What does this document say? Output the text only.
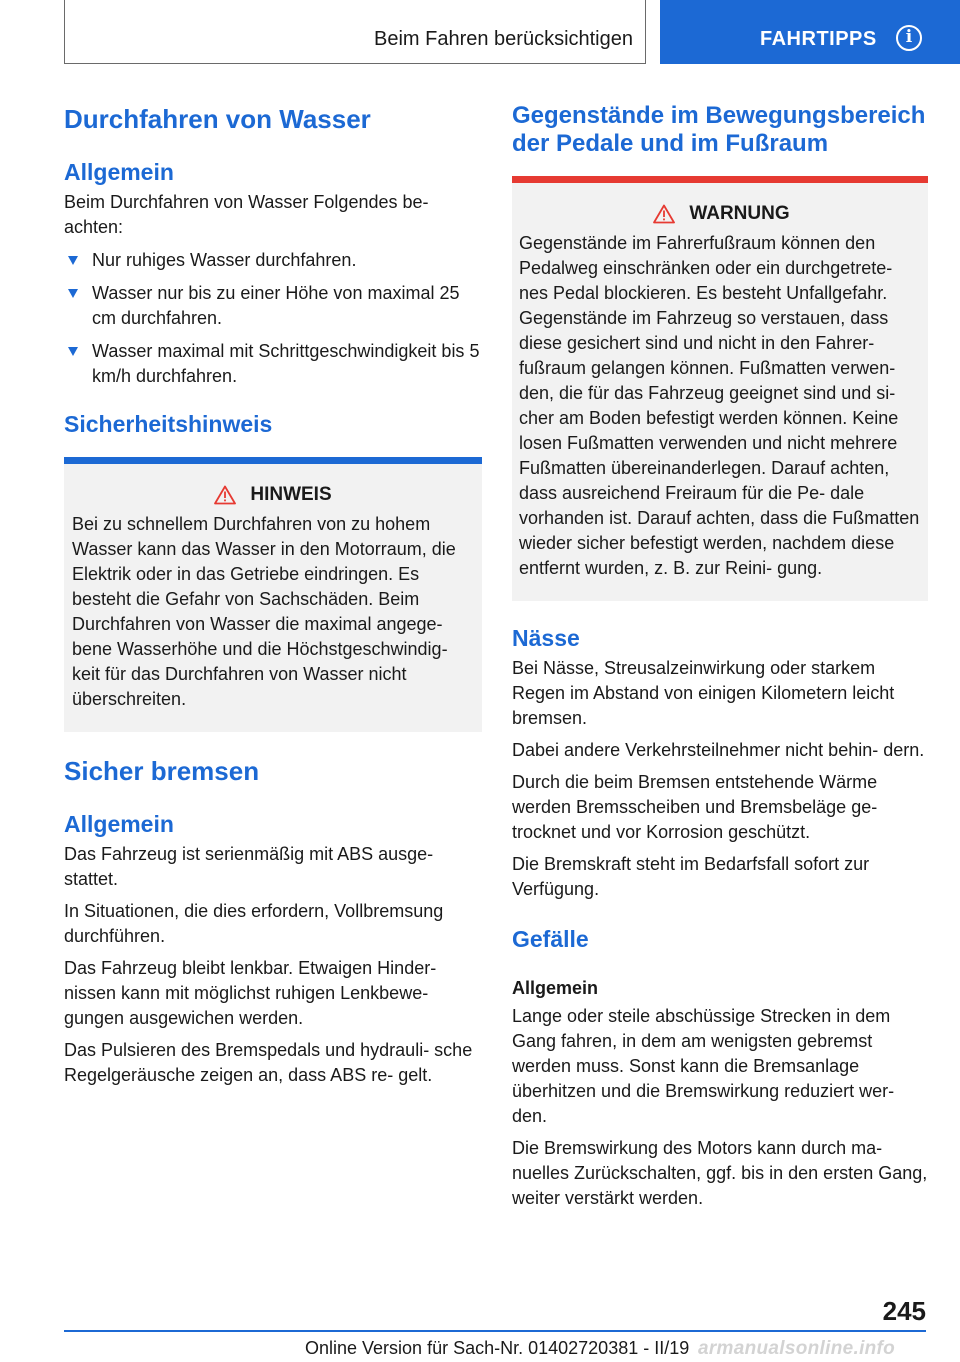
Beim Fahren berücksichtigen	FAHRTIPPS	i
Durchfahren von Wasser
Allgemein

Beim Durchfahren von Wasser Folgendes be- achten:

Nur ruhiges Wasser durchfahren.
Wasser nur bis zu einer Höhe von maximal 25 cm durchfahren.
Wasser maximal mit Schrittgeschwindigkeit bis 5 km/h durchfahren.
Sicherheitshinweis
HINWEIS

Bei zu schnellem Durchfahren von zu hohem Wasser kann das Wasser in den Motorraum, die Elektrik oder in das Getriebe eindringen. Es besteht die Gefahr von Sachschäden. Beim Durchfahren von Wasser die maximal angege- bene Wasserhöhe und die Höchstgeschwindig- keit für das Durchfahren von Wasser nicht überschreiten.

Sicher bremsen
Allgemein

Das Fahrzeug ist serienmäßig mit ABS ausge- stattet.

In Situationen, die dies erfordern, Vollbremsung durchführen.

Das Fahrzeug bleibt lenkbar. Etwaigen Hinder- nissen kann mit möglichst ruhigen Lenkbewe- gungen ausgewichen werden.

Das Pulsieren des Bremspedals und hydrauli- sche Regelgeräusche zeigen an, dass ABS re- gelt.

Gegenstände im Bewegungsbereich der Pedale und im Fußraum
WARNUNG

Gegenstände im Fahrerfußraum können den Pedalweg einschränken oder ein durchgetrete- nes Pedal blockieren. Es besteht Unfallgefahr. Gegenstände im Fahrzeug so verstauen, dass diese gesichert sind und nicht in den Fahrer- fußraum gelangen können. Fußmatten verwen- den, die für das Fahrzeug geeignet sind und si- cher am Boden befestigt werden können. Keine losen Fußmatten verwenden und nicht mehrere Fußmatten übereinanderlegen. Darauf achten, dass ausreichend Freiraum für die Pe- dale vorhanden ist. Darauf achten, dass die Fußmatten wieder sicher befestigt werden, nachdem diese entfernt wurden, z. B. zur Reini- gung.

Nässe

Bei Nässe, Streusalzeinwirkung oder starkem Regen im Abstand von einigen Kilometern leicht bremsen.

Dabei andere Verkehrsteilnehmer nicht behin- dern.

Durch die beim Bremsen entstehende Wärme werden Bremsscheiben und Bremsbeläge ge- trocknet und vor Korrosion geschützt.

Die Bremskraft steht im Bedarfsfall sofort zur Verfügung.

Gefälle
Allgemein

Lange oder steile abschüssige Strecken in dem Gang fahren, in dem am wenigsten gebremst werden muss. Sonst kann die Bremsanlage überhitzen und die Bremswirkung reduziert wer- den.

Die Bremswirkung des Motors kann durch ma- nuelles Zurückschalten, ggf. bis in den ersten Gang, weiter verstärkt werden.

245
Online Version für Sach-Nr. 01402720381 - II/19 armanualsonline.info
